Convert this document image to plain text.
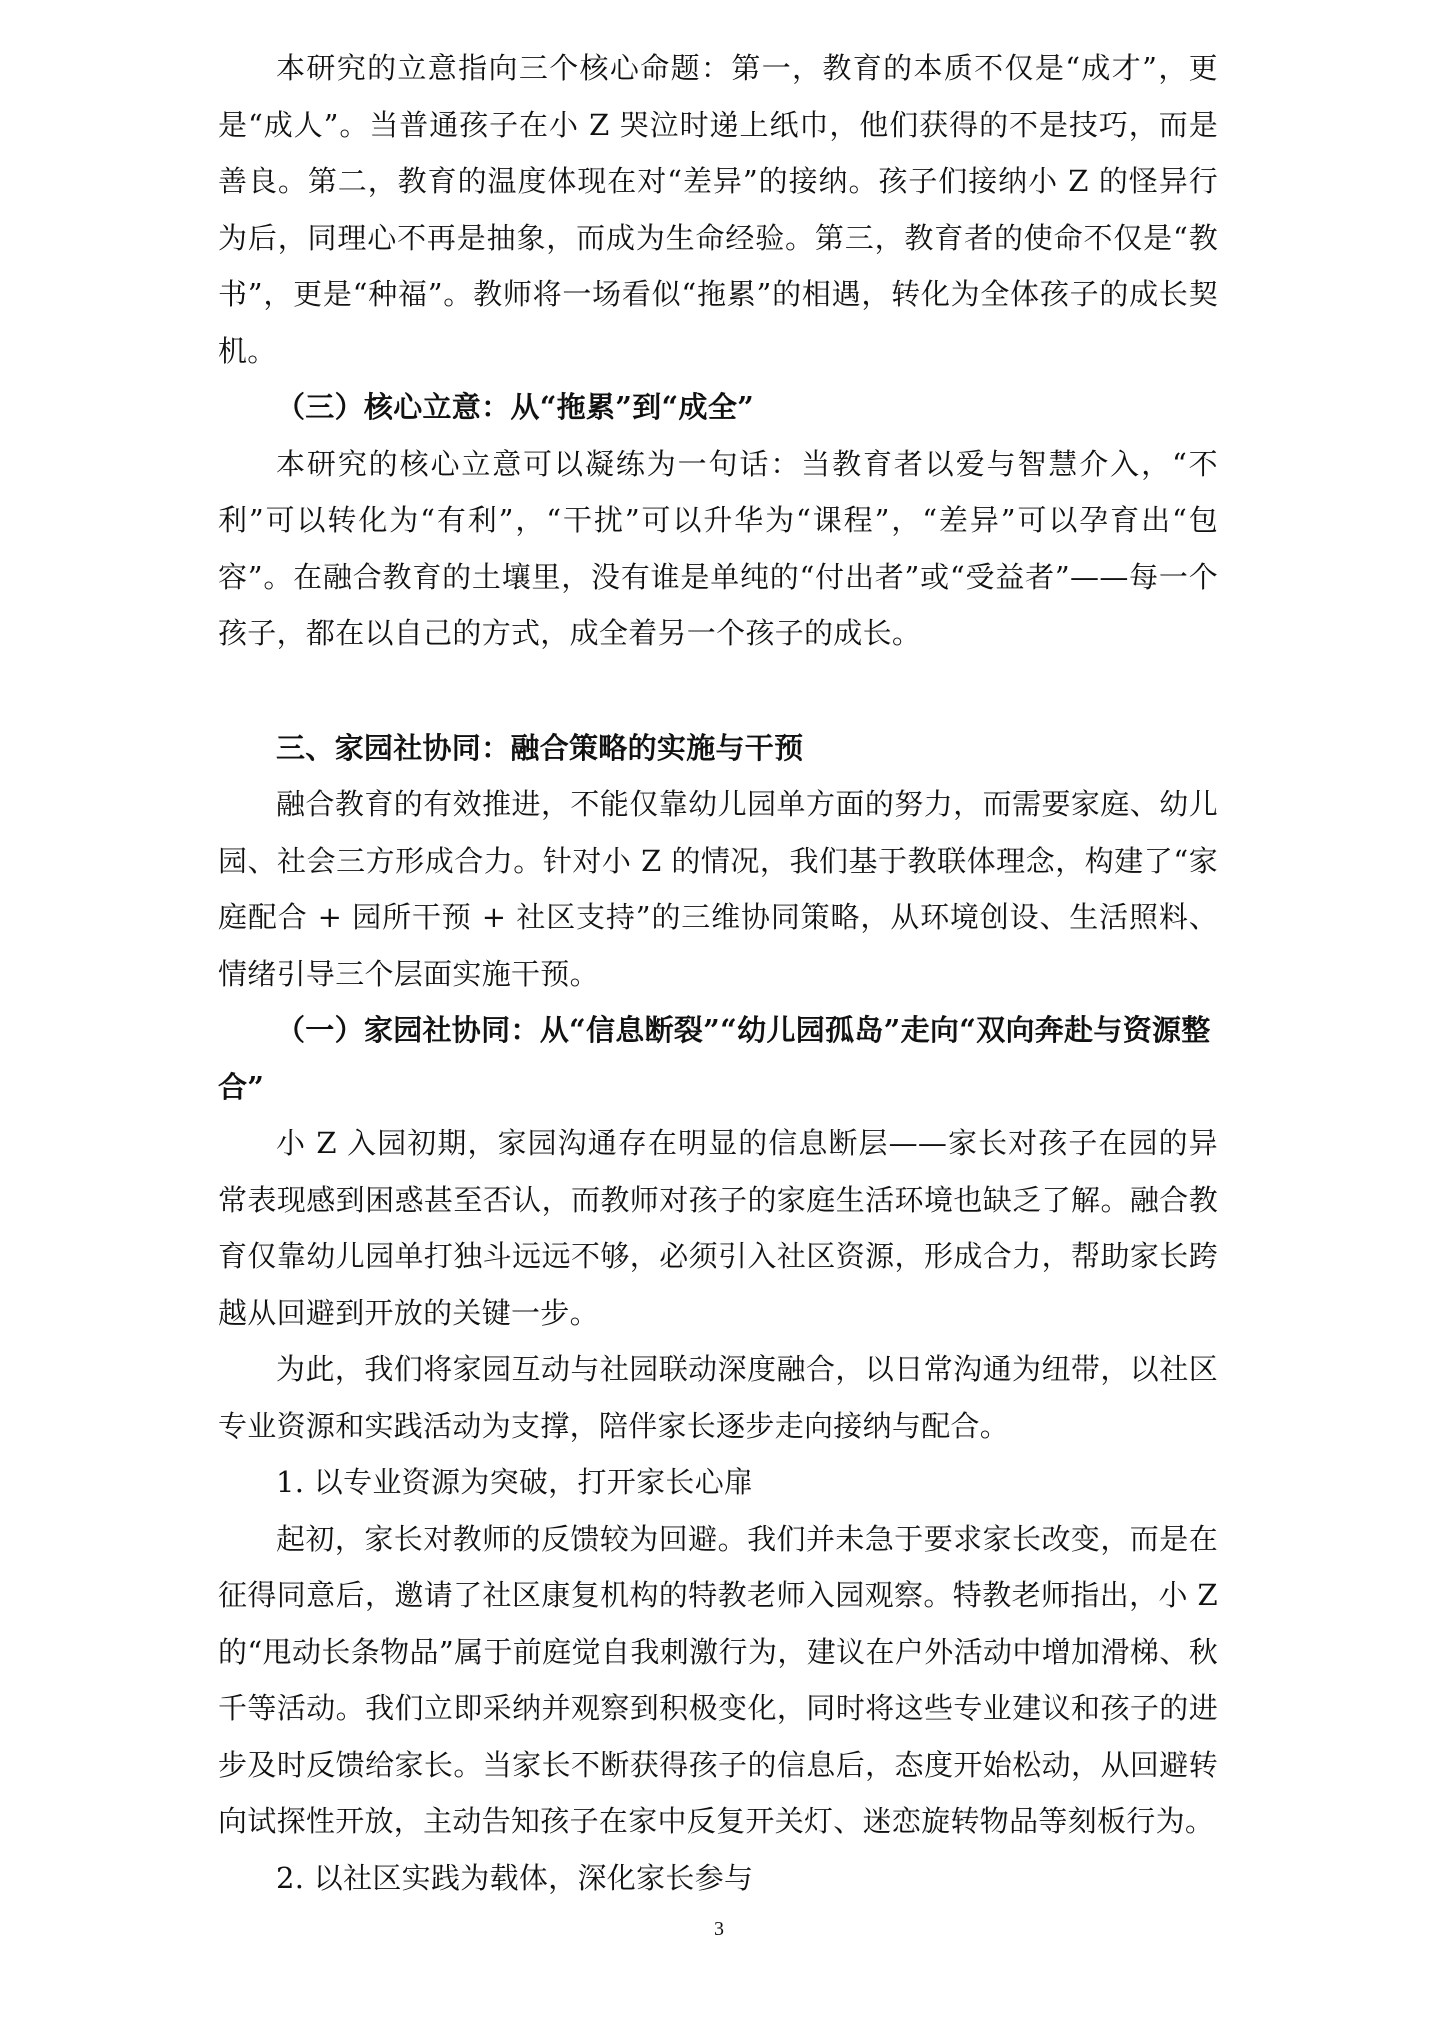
本研究的立意指向三个核心命题：第一，教育的本质不仅是“成才”，更是“成人”。当普通孩子在小 Z 哭泣时递上纸巾，他们获得的不是技巧，而是善良。第二，教育的温度体现在对“差异”的接纳。孩子们接纳小 Z 的怪异行为后，同理心不再是抽象，而成为生命经验。第三，教育者的使命不仅是“教书”，更是“种福”。教师将一场看似“拖累”的相遇，转化为全体孩子的成长契机。

（三）核心立意：从“拖累”到“成全”

本研究的核心立意可以凝练为一句话：当教育者以爱与智慧介入，“不利”可以转化为“有利”，“干扰”可以升华为“课程”，“差异”可以孕育出“包容”。在融合教育的土壤里，没有谁是单纯的“付出者”或“受益者”——每一个孩子，都在以自己的方式，成全着另一个孩子的成长。

三、家园社协同：融合策略的实施与干预

融合教育的有效推进，不能仅靠幼儿园单方面的努力，而需要家庭、幼儿园、社会三方形成合力。针对小 Z 的情况，我们基于教联体理念，构建了“家庭配合 + 园所干预 + 社区支持”的三维协同策略，从环境创设、生活照料、情绪引导三个层面实施干预。

（一）家园社协同：从“信息断裂”“幼儿园孤岛”走向“双向奔赴与资源整合”

小 Z 入园初期，家园沟通存在明显的信息断层——家长对孩子在园的异常表现感到困惑甚至否认，而教师对孩子的家庭生活环境也缺乏了解。融合教育仅靠幼儿园单打独斗远远不够，必须引入社区资源，形成合力，帮助家长跨越从回避到开放的关键一步。

为此，我们将家园互动与社园联动深度融合，以日常沟通为纽带，以社区专业资源和实践活动为支撑，陪伴家长逐步走向接纳与配合。

1. 以专业资源为突破，打开家长心扉

起初，家长对教师的反馈较为回避。我们并未急于要求家长改变，而是在征得同意后，邀请了社区康复机构的特教老师入园观察。特教老师指出，小 Z 的“甩动长条物品”属于前庭觉自我刺激行为，建议在户外活动中增加滑梯、秋千等活动。我们立即采纳并观察到积极变化，同时将这些专业建议和孩子的进步及时反馈给家长。当家长不断获得孩子的信息后，态度开始松动，从回避转向试探性开放，主动告知孩子在家中反复开关灯、迷恋旋转物品等刻板行为。

2. 以社区实践为载体，深化家长参与

3
